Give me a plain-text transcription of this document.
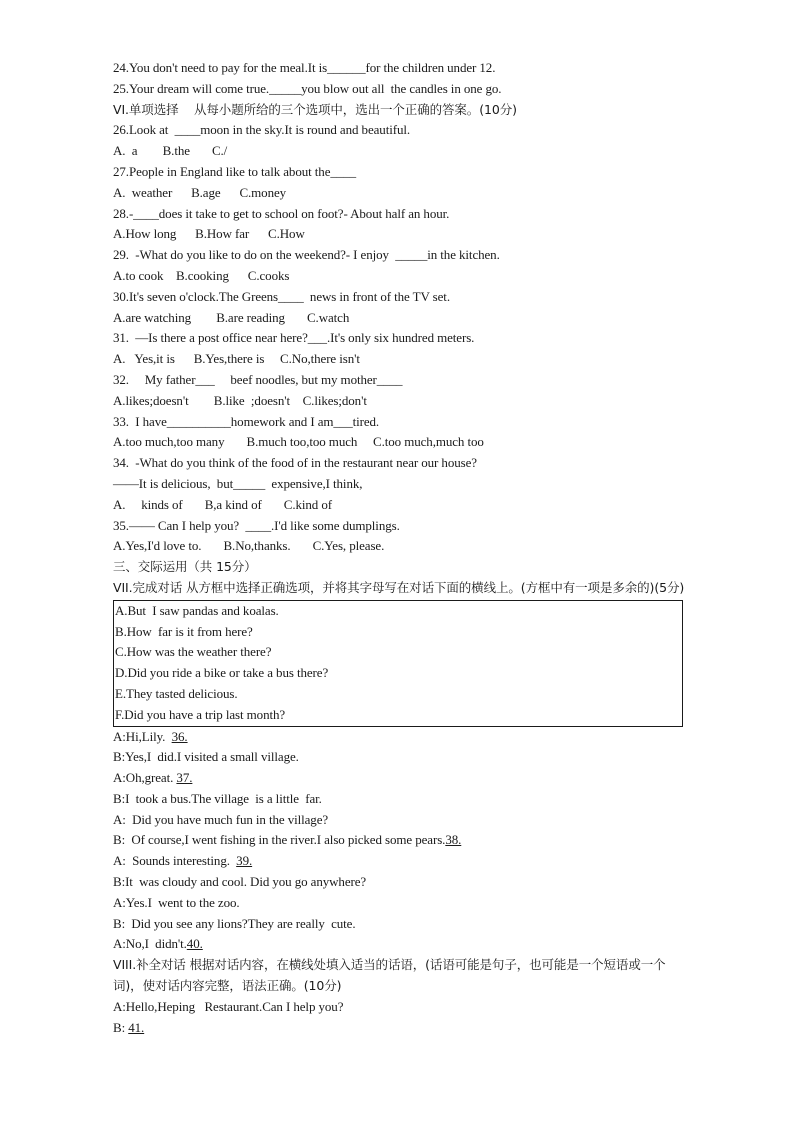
24.You don't need to pay for the meal.It is______for the children under 12.
25.Your dream will come true._____you blow out all  the candles in one go.
VI.单项选择    从每小题所给的三个选项中，选出一个正确的答案。(10分)
26.Look at  ____moon in the sky.It is round and beautiful.
A.  a        B.the       C./
27.People in England like to talk about the____
A.  weather      B.age      C.money
28.-____does it take to get to school on foot?- About half an hour.
A.How long      B.How far      C.How
29.  -What do you like to do on the weekend?- I enjoy  _____in the kitchen.
A.to cook    B.cooking      C.cooks
30.It's seven o'clock.The Greens____  news in front of the TV set.
A.are watching        B.are reading       C.watch
31.  —Is there a post office near here?___.It's only six hundred meters.
A.   Yes,it is      B.Yes,there is     C.No,there isn't
32.     My father___     beef noodles, but my mother____
A.likes;doesn't        B.like  ;doesn't    C.likes;don't
33.  I have__________homework and I am___tired.
A.too much,too many       B.much too,too much     C.too much,much too
34.  -What do you think of the food of in the restaurant near our house?
——It is delicious,  but_____  expensive,I think,
A.     kinds of       B,a kind of       C.kind of
35.—— Can I help you?  ____.I'd like some dumplings.
A.Yes,I'd love to.       B.No,thanks.       C.Yes, please.
三、交际运用（共 15分）
VII.完成对话 从方框中选择正确选项，并将其字母写在对话下面的横线上。(方框中有一项是多余的)(5分)
A.But  I saw pandas and koalas.
B.How  far is it from here?
C.How was the weather there?
D.Did you ride a bike or take a bus there?
E.They tasted delicious.
F.Did you have a trip last month?
A:Hi,Lily.  36.
B:Yes,I  did.I visited a small village.
A:Oh,great. 37.
B:I  took a bus.The village  is a little  far.
A:  Did you have much fun in the village?
B:  Of course,I went fishing in the river.I also picked some pears.38.
A:  Sounds interesting.  39.
B:It  was cloudy and cool. Did you go anywhere?
A:Yes.I  went to the zoo.
B:  Did you see any lions?They are really  cute.
A:No,I  didn't.40.
VIII.补全对话 根据对话内容，在横线处填入适当的话语，(话语可能是句子，也可能是一个短语或一个词)，使对话内容完整，语法正确。(10分)
A:Hello,Heping   Restaurant.Can I help you?
B: 41.
